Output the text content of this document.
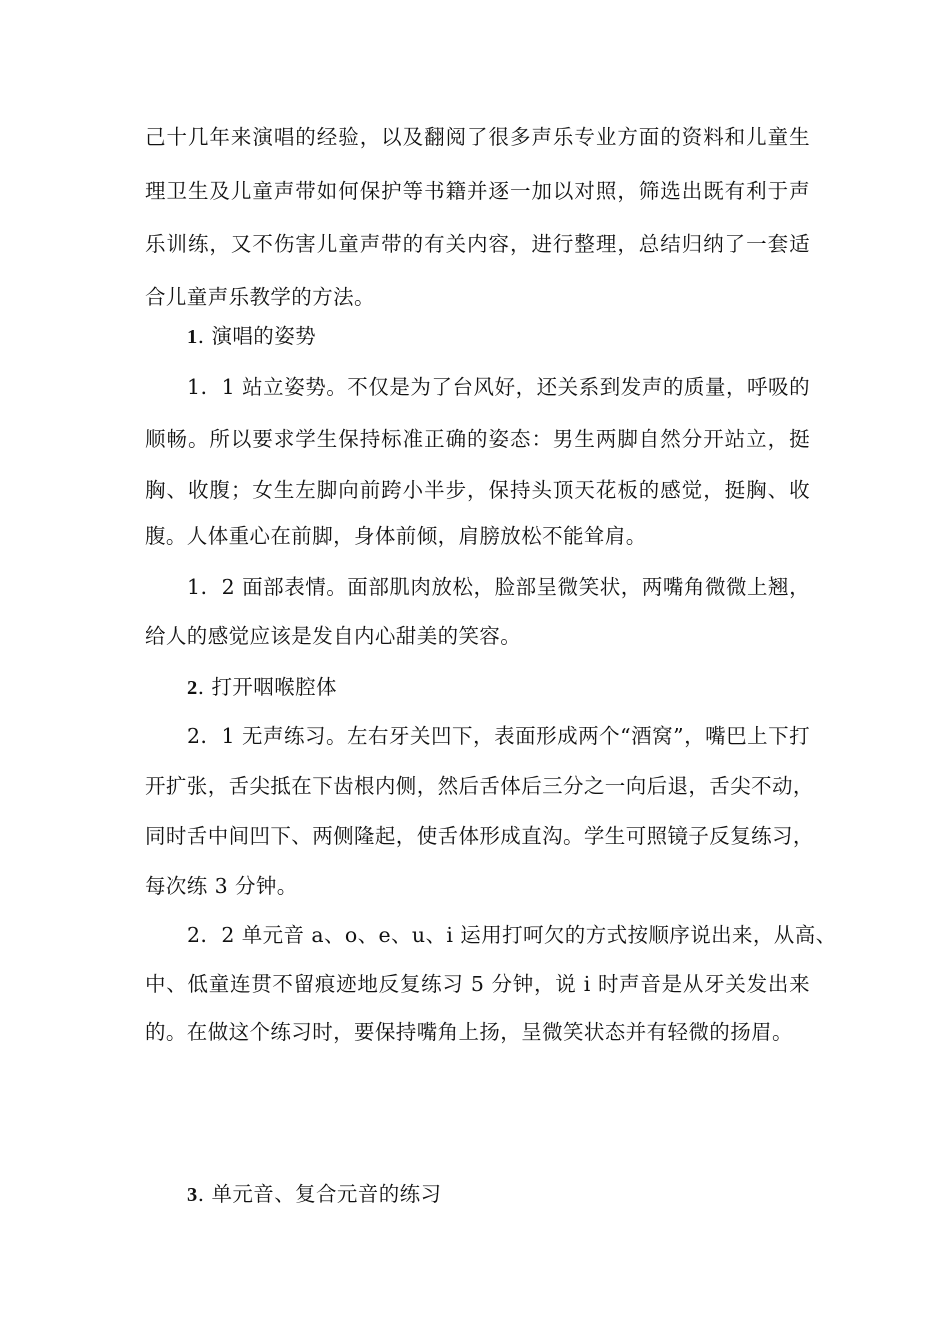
己十几年来演唱的经验，以及翻阅了很多声乐专业方面的资料和儿童生
理卫生及儿童声带如何保护等书籍并逐一加以对照，筛选出既有利于声
乐训练，又不伤害儿童声带的有关内容，进行整理，总结归纳了一套适
合儿童声乐教学的方法。
1. 演唱的姿势
1．1 站立姿势。不仅是为了台风好，还关系到发声的质量，呼吸的
顺畅。所以要求学生保持标准正确的姿态：男生两脚自然分开站立，挺
胸、收腹；女生左脚向前跨小半步，保持头顶天花板的感觉，挺胸、收
腹。人体重心在前脚，身体前倾，肩膀放松不能耸肩。
1．2 面部表情。面部肌肉放松，脸部呈微笑状，两嘴角微微上翘，
给人的感觉应该是发自内心甜美的笑容。
2. 打开咽喉腔体
2．1 无声练习。左右牙关凹下，表面形成两个“酒窝”，嘴巴上下打
开扩张，舌尖抵在下齿根内侧，然后舌体后三分之一向后退，舌尖不动，
同时舌中间凹下、两侧隆起，使舌体形成直沟。学生可照镜子反复练习，
每次练 3 分钟。
2．2 单元音 a、o、e、u、i 运用打呵欠的方式按顺序说出来，从高、
中、低童连贯不留痕迹地反复练习 5 分钟，说 i 时声音是从牙关发出来
的。在做这个练习时，要保持嘴角上扬，呈微笑状态并有轻微的扬眉。
3. 单元音、复合元音的练习
